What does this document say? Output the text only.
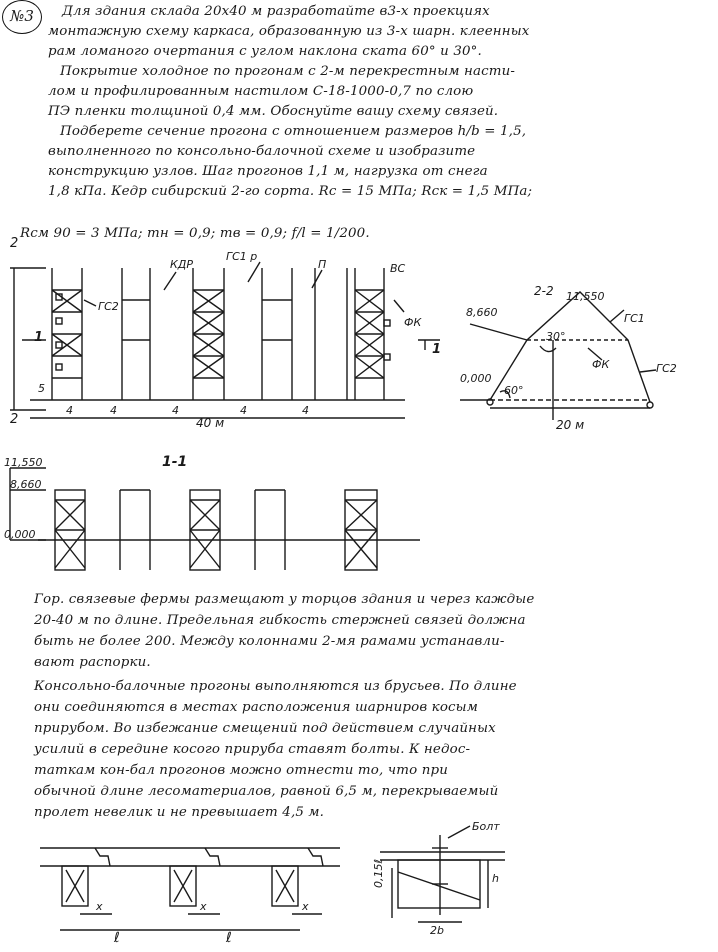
№3	Для здания склада 20х40 м разработайте в3-х проекциях
монтажную схему каркаса, образованную из 3-х шарн. клеенных
рам ломаного очертания с углом наклона ската 60° и 30°.
Покрытие холодное по прогонам с 2-м перекрестным насти-
лом и профилированным настилом С-18-1000-0,7 по слою
ПЭ пленки толщиной 0,4 мм. Обоснуйте вашу схему связей.
Подберете сечение прогона с отношением размеров h/b = 1,5,
выполненного по консольно-балочной схеме и изобразите
конструкцию узлов. Шаг прогонов 1,1 м, нагрузка от снега
1,8 кПа. Кедр сибирский 2-го сорта. Rc = 15 МПа; Rск = 1,5 МПа;
Rсм 90 = 3 МПа; mн = 0,9; mв = 0,9; f/l = 1/200.
2
2
1
1
КДР
ГС1 р
П	ВС
ГС2
ФК
5
4	4	4	4	4
40 м
2-2 11,550
8,660
0,000
30°
60°
ГС1
ГС2
ФК
20 м
1-1
11,550
8,660
0,000
Гор. связевые фермы размещают у торцов здания и через каждые
20-40 м по длине. Предельная гибкость стержней связей должна
быть не более 200. Между колоннами 2-мя рамами устанавли-
вают распорки.
Консольно-балочные прогоны выполняются из брусьев. По длине
они соединяются в местах расположения шарниров косым
прирубом. Во избежание смещений под действием случайных
усилий в середине косого прируба ставят болты. К недос-
таткам кон-бал прогонов можно отнести то, что при
обычной длине лесоматериалов, равной 6,5 м, перекрываемый
пролет невелик и не превышает 4,5 м.
Болт
x	x	x
ℓ	ℓ
h
0,15ℓ
2b
